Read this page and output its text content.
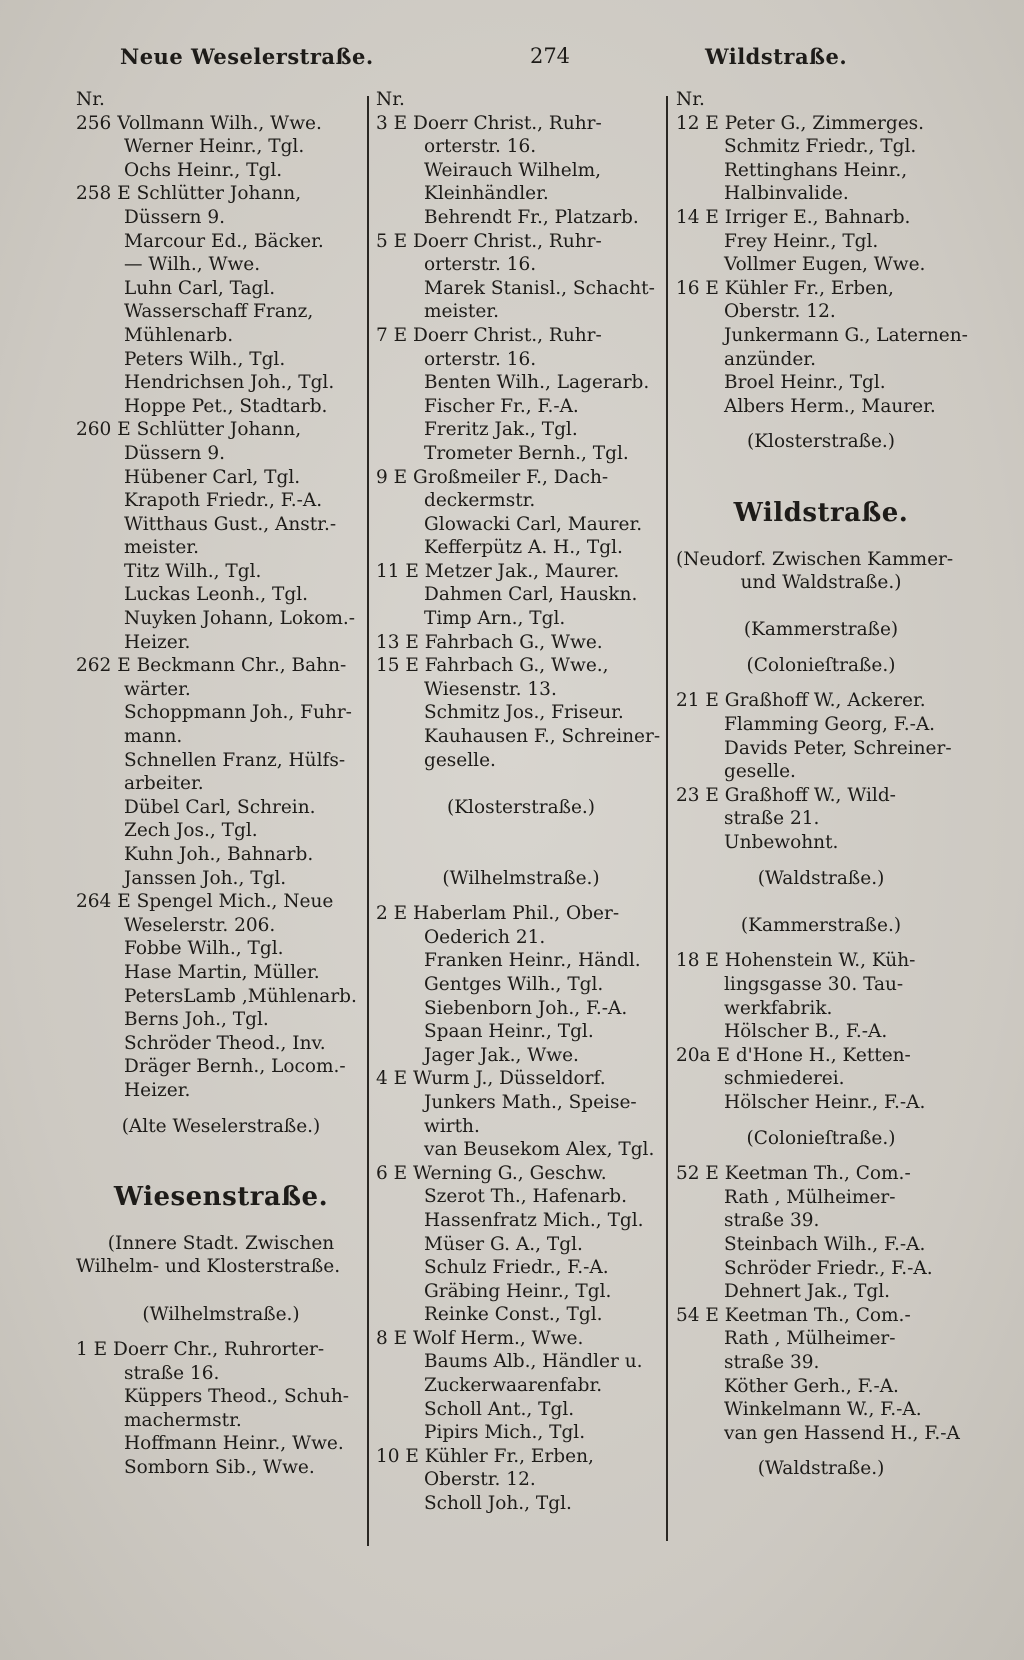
Neue Weselerstraße.	274	Wildstraße.
Nr.
256 Vollmann Wilh., Wwe.
Werner Heinr., Tgl.
Ochs Heinr., Tgl.
258 E Schlütter Johann,
Düssern 9.
Marcour Ed., Bäcker.
— Wilh., Wwe.
Luhn Carl, Tagl.
Wasserschaff Franz,
Mühlenarb.
Peters Wilh., Tgl.
Hendrichsen Joh., Tgl.
Hoppe Pet., Stadtarb.
260 E Schlütter Johann,
Düssern 9.
Hübener Carl, Tgl.
Krapoth Friedr., F.-A.
Witthaus Gust., Anstr.-
meister.
Titz Wilh., Tgl.
Luckas Leonh., Tgl.
Nuyken Johann, Lokom.-
Heizer.
262 E Beckmann Chr., Bahn-
wärter.
Schoppmann Joh., Fuhr-
mann.
Schnellen Franz, Hülfs-
arbeiter.
Dübel Carl, Schrein.
Zech Jos., Tgl.
Kuhn Joh., Bahnarb.
Janssen Joh., Tgl.
264 E Spengel Mich., Neue
Weselerstr. 206.
Fobbe Wilh., Tgl.
Hase Martin, Müller.
PetersLamb ,Mühlenarb.
Berns Joh., Tgl.
Schröder Theod., Inv.
Dräger Bernh., Locom.-
Heizer.
(Alte Weselerstraße.)
Wiesenstraße.
(Innere Stadt. Zwischen
Wilhelm- und Klosterstraße.
(Wilhelmstraße.)
1 E Doerr Chr., Ruhrorter-
straße 16.
Küppers Theod., Schuh-
machermstr.
Hoffmann Heinr., Wwe.
Somborn Sib., Wwe.
Nr.
3 E Doerr Christ., Ruhr-
orterstr. 16.
Weirauch Wilhelm,
Kleinhändler.
Behrendt Fr., Platzarb.
5 E Doerr Christ., Ruhr-
orterstr. 16.
Marek Stanisl., Schacht-
meister.
7 E Doerr Christ., Ruhr-
orterstr. 16.
Benten Wilh., Lagerarb.
Fischer Fr., F.-A.
Freritz Jak., Tgl.
Trometer Bernh., Tgl.
9 E Großmeiler F., Dach-
deckermstr.
Glowacki Carl, Maurer.
Kefferpütz A. H., Tgl.
11 E Metzer Jak., Maurer.
Dahmen Carl, Hauskn.
Timp Arn., Tgl.
13 E Fahrbach G., Wwe.
15 E Fahrbach G., Wwe.,
Wiesenstr. 13.
Schmitz Jos., Friseur.
Kauhausen F., Schreiner-
geselle.
(Klosterstraße.)
(Wilhelmstraße.)
2 E Haberlam Phil., Ober-
Oederich 21.
Franken Heinr., Händl.
Gentges Wilh., Tgl.
Siebenborn Joh., F.-A.
Spaan Heinr., Tgl.
Jager Jak., Wwe.
4 E Wurm J., Düsseldorf.
Junkers Math., Speise-
wirth.
van Beusekom Alex, Tgl.
6 E Werning G., Geschw.
Szerot Th., Hafenarb.
Hassenfratz Mich., Tgl.
Müser G. A., Tgl.
Schulz Friedr., F.-A.
Gräbing Heinr., Tgl.
Reinke Const., Tgl.
8 E Wolf Herm., Wwe.
Baums Alb., Händler u.
Zuckerwaarenfabr.
Scholl Ant., Tgl.
Pipirs Mich., Tgl.
10 E Kühler Fr., Erben,
Oberstr. 12.
Scholl Joh., Tgl.
Nr.
12 E Peter G., Zimmerges.
Schmitz Friedr., Tgl.
Rettinghans Heinr.,
Halbinvalide.
14 E Irriger E., Bahnarb.
Frey Heinr., Tgl.
Vollmer Eugen, Wwe.
16 E Kühler Fr., Erben,
Oberstr. 12.
Junkermann G., Laternen-
anzünder.
Broel Heinr., Tgl.
Albers Herm., Maurer.
(Klosterstraße.)
Wildstraße.
(Neudorf. Zwischen Kammer-
und Waldstraße.)
(Kammerstraße)
(Colonieſtraße.)
21 E Graßhoff W., Ackerer.
Flamming Georg, F.-A.
Davids Peter, Schreiner-
geselle.
23 E Graßhoff W., Wild-
straße 21.
Unbewohnt.
(Waldstraße.)
(Kammerstraße.)
18 E Hohenstein W., Küh-
lingsgasse 30. Tau-
werkfabrik.
Hölscher B., F.-A.
20a E d'Hone H., Ketten-
schmiederei.
Hölscher Heinr., F.-A.
(Colonieſtraße.)
52 E Keetman Th., Com.-
Rath , Mülheimer-
straße 39.
Steinbach Wilh., F.-A.
Schröder Friedr., F.-A.
Dehnert Jak., Tgl.
54 E Keetman Th., Com.-
Rath , Mülheimer-
straße 39.
Köther Gerh., F.-A.
Winkelmann W., F.-A.
van gen Hassend H., F.-A
(Waldstraße.)
